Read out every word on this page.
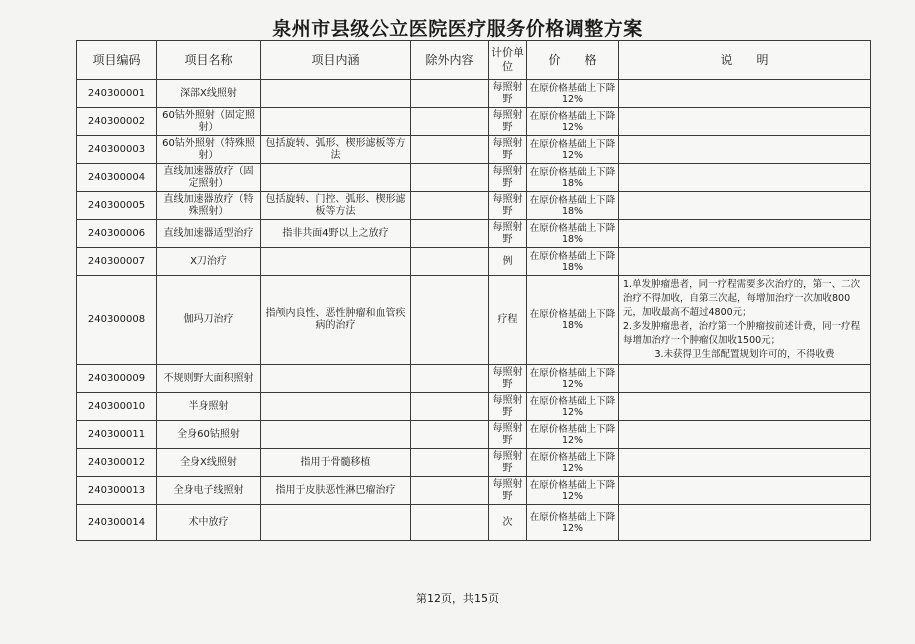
泉州市县级公立医院医疗服务价格调整方案
项目编码	项目名称	项目内涵	除外内容	计价单位	价　　格	说　　明
240300001	深部X线照射			每照射野	在原价格基础上下降12%	
240300002	60钴外照射（固定照射）			每照射野	在原价格基础上下降12%	
240300003	60钴外照射（特殊照射）	包括旋转、弧形、楔形滤板等方法		每照射野	在原价格基础上下降12%	
240300004	直线加速器放疗（固定照射）			每照射野	在原价格基础上下降18%	
240300005	直线加速器放疗（特殊照射）	包括旋转、门控、弧形、楔形滤板等方法		每照射野	在原价格基础上下降18%	
240300006	直线加速器适型治疗	指非共面4野以上之放疗		每照射野	在原价格基础上下降18%	
240300007	X刀治疗			例	在原价格基础上下降18%	
240300008	伽玛刀治疗	指颅内良性、恶性肿瘤和血管疾病的治疗		疗程	在原价格基础上下降18%	1.单发肿瘤患者，同一疗程需要多次治疗的，第一、二次治疗不得加收，自第三次起，每增加治疗一次加收800元，加收最高不超过4800元；
2.多发肿瘤患者，治疗第一个肿瘤按前述计费，同一疗程每增加治疗一个肿瘤仅加收1500元；
3.未获得卫生部配置规划许可的，不得收费

240300009	不规则野大面积照射			每照射野	在原价格基础上下降12%	
240300010	半身照射			每照射野	在原价格基础上下降12%	
240300011	全身60钴照射			每照射野	在原价格基础上下降12%	
240300012	全身X线照射	指用于骨髓移植		每照射野	在原价格基础上下降12%	
240300013	全身电子线照射	指用于皮肤恶性淋巴瘤治疗		每照射野	在原价格基础上下降12%	
240300014	术中放疗			次	在原价格基础上下降12%	
第12页，共15页
